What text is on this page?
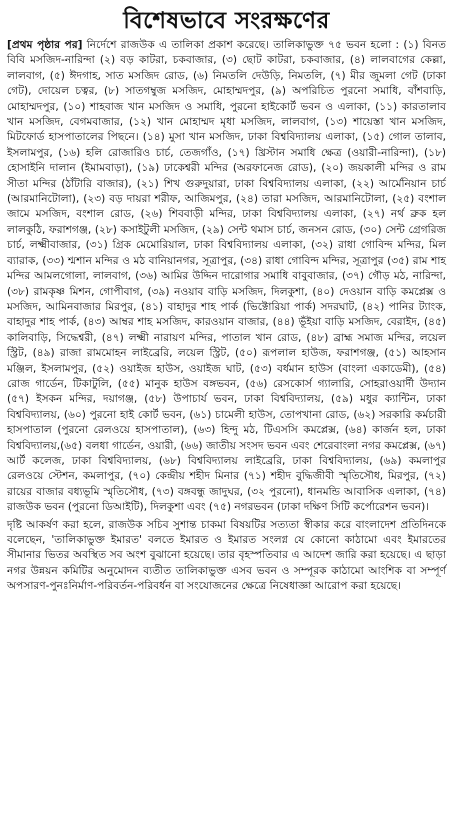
বিশেষভাবে সংরক্ষণের
[প্রথম পৃষ্ঠার পর] নির্দেশে রাজউক এ তালিকা প্রকাশ করেছে। তালিকাভুক্ত ৭৫ ভবন হলো : (১) বিনত বিবি মসজিদ-নারিন্দা (২) বড় কাটরা, চকবাজার, (৩) ছোট কাটরা, চকবাজার, (৪) লালবাগের কেল্লা, লালবাগ, (৫) ঈদগাহ, সাত মসজিদ রোড, (৬) নিমতলি দেউড়ি, নিমতলি, (৭) মীর জুমলা গেট (ঢাকা গেট), দোয়েল চত্বর, (৮) সাতগম্বুজ মসজিদ, মোহাম্মদপুর, (৯) অপরিচিত পুরনো সমাধি, বাঁশবাড়ি, মোহাম্মদপুর, (১০) শাহবাজ খান মসজিদ ও সমাধি, পুরনো হাইকোর্ট ভবন ও এলাকা, (১১) কারতালাব খান মসজিদ, বেগমবাজার, (১২) খান মোহাম্মদ মৃধা মসজিদ, লালবাগ, (১৩) শায়েস্তা খান মসজিদ, মিটফোর্ড হাসপাতালের পিছনে। (১৪) মুসা খান মসজিদ, ঢাকা বিশ্ববিদ্যালয় এলাকা, (১৫) গোল তালাব, ইসলামপুর, (১৬) হলি রোজারিও চার্চ, তেজগাঁও, (১৭) খ্রিস্টান সমাধি ক্ষেত্র (ওয়ারী-নারিন্দা), (১৮) হোসাইনি দালান (ইমামবাড়া), (১৯) ঢাকেশ্বরী মন্দির (অরফানেজ রোড), (২০) জয়কালী মন্দির ও রাম সীতা মন্দির (ঠাঁটারি বাজার), (২১) শিখ গুরুদুয়ারা, ঢাকা বিশ্ববিদ্যালয় এলাকা, (২২) আর্মেনিয়ান চার্চ (আরমানিটোলা), (২৩) বড় দায়রা শরীফ, আজিমপুর, (২৪) তারা মসজিদ, আরমানিটোলা, (২৫) বংশাল জামে মসজিদ, বংশাল রোড, (২৬) শিববাড়ী মন্দির, ঢাকা বিশ্ববিদ্যালয় এলাকা, (২৭) নর্থ ব্রুক হল লালকুঠি, ফরাশগঞ্জ, (২৮) কসাইটুলী মসজিদ, (২৯) সেন্ট থমাস চার্চ, জনসন রোড, (৩০) সেন্ট গ্রেগরিজ চার্চ, লক্ষ্মীবাজার, (৩১) গ্রিক মেমোরিয়াল, ঢাকা বিশ্ববিদ্যালয় এলাকা, (৩২) রাধা গোবিন্দ মন্দির, মিল ব্যারাক, (৩৩) শ্মশান মন্দির ও মঠ বানিয়ানগর, সূত্রাপুর, (৩৪) রাধা গোবিন্দ মন্দির, সূত্রাপুর (৩৫) রাম শাহ মন্দির আমলগোলা, লালবাগ, (৩৬) আমির উদ্দিন দারোগার সমাধি বাবুবাজার, (৩৭) গৌড় মঠ, নারিন্দা, (৩৮) রামকৃষ্ণ মিশন, গোপীবাগ, (৩৯) নওয়াব বাড়ি মসজিদ, দিলকুশা, (৪০) দেওয়ান বাড়ি কমপ্লেক্স ও মসজিদ, আমিনবাজার মিরপুর, (৪১) বাহাদুর শাহ পার্ক (ভিক্টোরিয়া পার্ক) সদরঘাট, (৪২) পানির ট্যাংক, বাহাদুর শাহ পার্ক, (৪৩) আম্বর শাহ মসজিদ, কারওয়ান বাজার, (৪৪) ভূঁইয়া বাড়ি মসজিদ, বেরাইদ, (৪৫) কালিবাড়ি, সিদ্ধেশ্বরী, (৪৭) লক্ষ্মী নারায়ণ মন্দির, পাতাল খান রোড, (৪৮) ব্রাহ্ম সমাজ মন্দির, লয়েল স্ট্রিট, (৪৯) রাজা রামমোহন লাইব্রেরি, লয়েল স্ট্রিট, (৫০) রূপলাল হাউজ, ফরাশগঞ্জ, (৫১) আহসান মঞ্জিল, ইসলামপুর, (৫২) ওয়াইজ হাউস, ওয়াইজ ঘাট, (৫৩) বর্ধমান হাউস (বাংলা একাডেমী), (৫৪) রোজ গার্ডেন, টিকাটুলি, (৫৫) মানুক হাউস বঙ্গভবন, (৫৬) রেসকোর্স গ্যালারি, সোহরাওয়ার্দী উদ্যান (৫৭) ইসকন মন্দির, দয়াগঞ্জ, (৫৮) উপাচার্য ভবন, ঢাকা বিশ্ববিদ্যালয়, (৫৯) মধুর ক্যান্টিন, ঢাকা বিশ্ববিদ্যালয়, (৬০) পুরনো হাই কোর্ট ভবন, (৬১) চামেলী হাউস, তোপখানা রোড, (৬২) সরকারি কর্মচারী হাসপাতাল (পুরনো রেলওয়ে হাসপাতাল), (৬৩) হিন্দু মঠ, টিএসসি কমপ্লেক্স, (৬৪) কার্জন হল, ঢাকা বিশ্ববিদ্যালয়,(৬৫) বলধা গার্ডেন, ওয়ারী, (৬৬) জাতীয় সংসদ ভবন এবং শেরেবাংলা নগর কমপ্লেক্স, (৬৭) আর্ট কলেজ, ঢাকা বিশ্ববিদ্যালয়, (৬৮) বিশ্ববিদ্যালয় লাইব্রেরি, ঢাকা বিশ্ববিদ্যালয়, (৬৯) কমলাপুর রেলওয়ে স্টেশন, কমলাপুর, (৭০) কেন্দ্রীয় শহীদ মিনার (৭১) শহীদ বুদ্ধিজীবী স্মৃতিসৌধ, মিরপুর, (৭২) রায়ের বাজার বধ্যভূমি স্মৃতিসৌধ, (৭৩) বঙ্গবন্ধু জাদুঘর, (৩২ পুরনো), ধানমন্ডি আবাসিক এলাকা, (৭৪) রাজউক ভবন (পুরনো ডিআইটি), দিলকুশা এবং (৭৫) নগরভবন (ঢাকা দক্ষিণ সিটি কর্পোরেশন ভবন)।
দৃষ্টি আকর্ষণ করা হলে, রাজউক সচিব সুশান্ত চাকমা বিষয়টির সত্যতা স্বীকার করে বাংলাদেশ প্রতিদিনকে বলেছেন, 'তালিকাভুক্ত ইমারত' বলতে ইমারত ও ইমারত সংলগ্ন যে কোনো কাঠামো এবং ইমারতের সীমানার ভিতর অবস্থিত সব অংশ বুঝানো হয়েছে। তার বৃহস্পতিবার এ আদেশ জারি করা হয়েছে। এ ছাড়া নগর উন্নয়ন কমিটির অনুমোদন ব্যতীত তালিকাভুক্ত এসব ভবন ও সম্পূরক কাঠামো আংশিক বা সম্পূর্ণ অপসারণ-পুনঃনির্মাণ-পরিবর্তন-পরিবর্ধন বা সংযোজনের ক্ষেত্রে নিষেধাজ্ঞা আরোপ করা হয়েছে।
